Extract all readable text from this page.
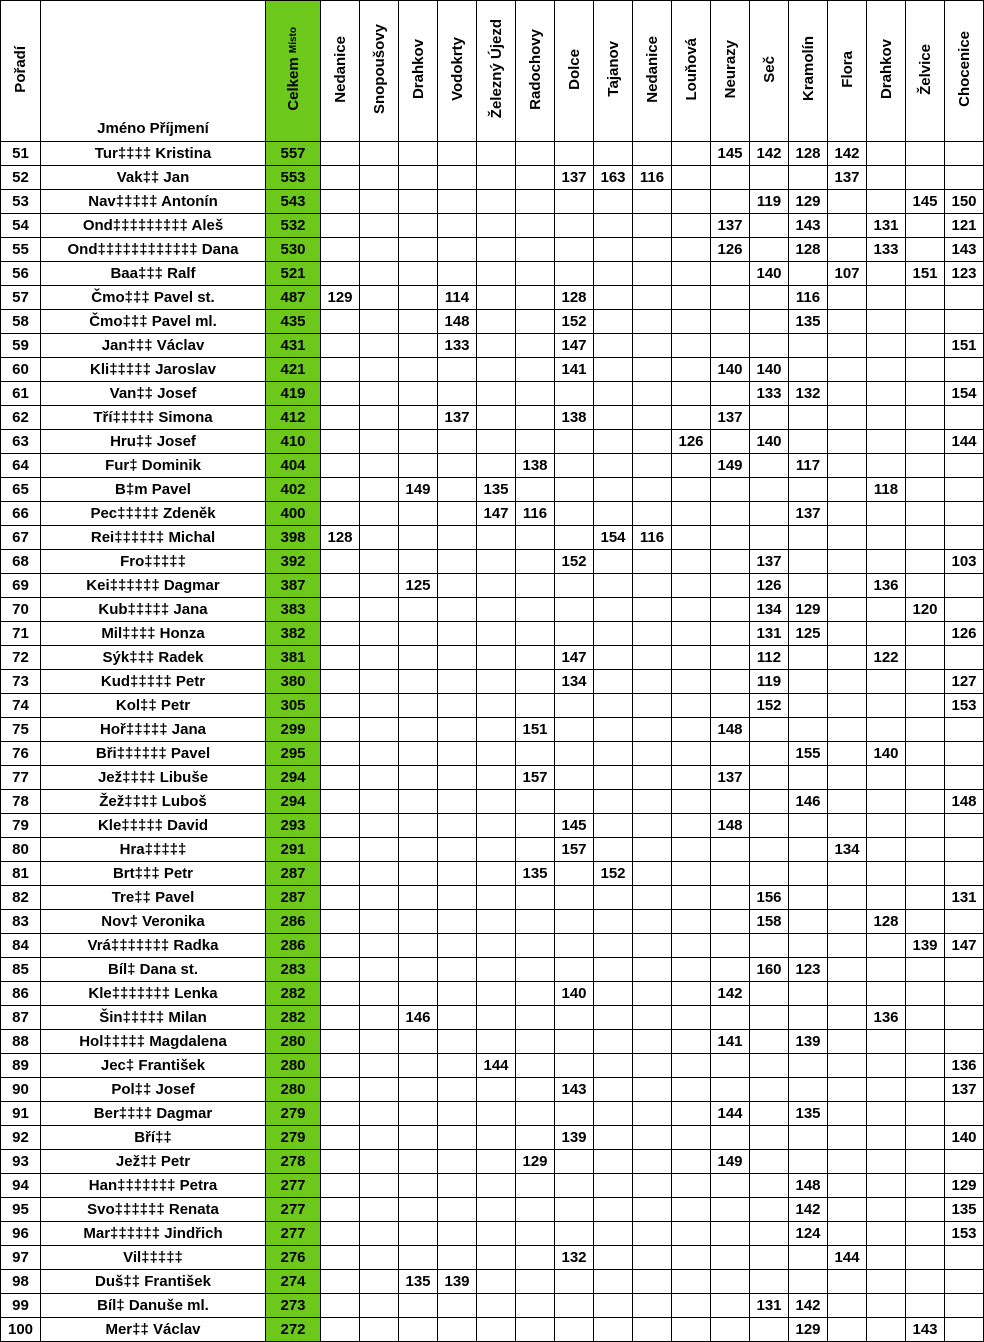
Pořadí	Jméno Příjmení	Celkem Místo	Nedanice	Snopoušovy	Drahkov	Vodokrty	Železný Újezd	Radochovy	Dolce	Tajanov	Nedanice	Louňová	Neurazy	Seč	Kramolín	Flora	Drahkov	Želvice	Chocenice
51	Tur‡‡‡‡ Kristina	557											145	142	128	142			
52	Vak‡‡ Jan	553							137	163	116					137			
53	Nav‡‡‡‡‡ Antonín	543												119	129			145	150
54	Ond‡‡‡‡‡‡‡‡‡ Aleš	532											137		143		131		121
55	Ond‡‡‡‡‡‡‡‡‡‡‡‡ Dana	530											126		128		133		143
56	Baa‡‡‡ Ralf	521												140		107		151	123
57	Čmo‡‡‡ Pavel st.	487	129			114			128						116				
58	Čmo‡‡‡ Pavel ml.	435				148			152						135				
59	Jan‡‡‡ Václav	431				133			147										151
60	Kli‡‡‡‡‡ Jaroslav	421							141				140	140					
61	Van‡‡ Josef	419												133	132				154
62	Tří‡‡‡‡‡ Simona	412				137			138				137						
63	Hru‡‡ Josef	410										126		140					144
64	Fur‡ Dominik	404						138					149		117				
65	B‡m Pavel	402			149		135										118		
66	Pec‡‡‡‡‡ Zdeněk	400					147	116							137				
67	Rei‡‡‡‡‡‡ Michal	398	128							154	116								
68	Fro‡‡‡‡‡	392							152					137					103
69	Kei‡‡‡‡‡‡ Dagmar	387			125									126			136		
70	Kub‡‡‡‡‡ Jana	383												134	129			120	
71	Mil‡‡‡‡ Honza	382												131	125				126
72	Sýk‡‡‡ Radek	381							147					112			122		
73	Kud‡‡‡‡‡ Petr	380							134					119					127
74	Kol‡‡ Petr	305												152					153
75	Hoř‡‡‡‡‡ Jana	299						151					148						
76	Bři‡‡‡‡‡‡ Pavel	295													155		140		
77	Jež‡‡‡‡ Libuše	294						157					137						
78	Žež‡‡‡‡ Luboš	294													146				148
79	Kle‡‡‡‡‡ David	293							145				148						
80	Hra‡‡‡‡‡	291							157							134			
81	Brt‡‡‡ Petr	287						135		152									
82	Tre‡‡ Pavel	287												156					131
83	Nov‡ Veronika	286												158			128		
84	Vrá‡‡‡‡‡‡‡ Radka	286																139	147
85	Bíl‡ Dana st.	283												160	123				
86	Kle‡‡‡‡‡‡‡ Lenka	282							140				142						
87	Šin‡‡‡‡‡ Milan	282			146												136		
88	Hol‡‡‡‡‡ Magdalena	280											141		139				
89	Jec‡ František	280					144												136
90	Pol‡‡ Josef	280							143										137
91	Ber‡‡‡‡ Dagmar	279											144		135				
92	Bří‡‡	279							139										140
93	Jež‡‡ Petr	278						129					149						
94	Han‡‡‡‡‡‡‡ Petra	277													148				129
95	Svo‡‡‡‡‡‡ Renata	277													142				135
96	Mar‡‡‡‡‡‡ Jindřich	277													124				153
97	Vil‡‡‡‡‡	276							132							144			
98	Duš‡‡ František	274			135	139													
99	Bíl‡ Danuše ml.	273												131	142				
100	Mer‡‡ Václav	272													129			143	
